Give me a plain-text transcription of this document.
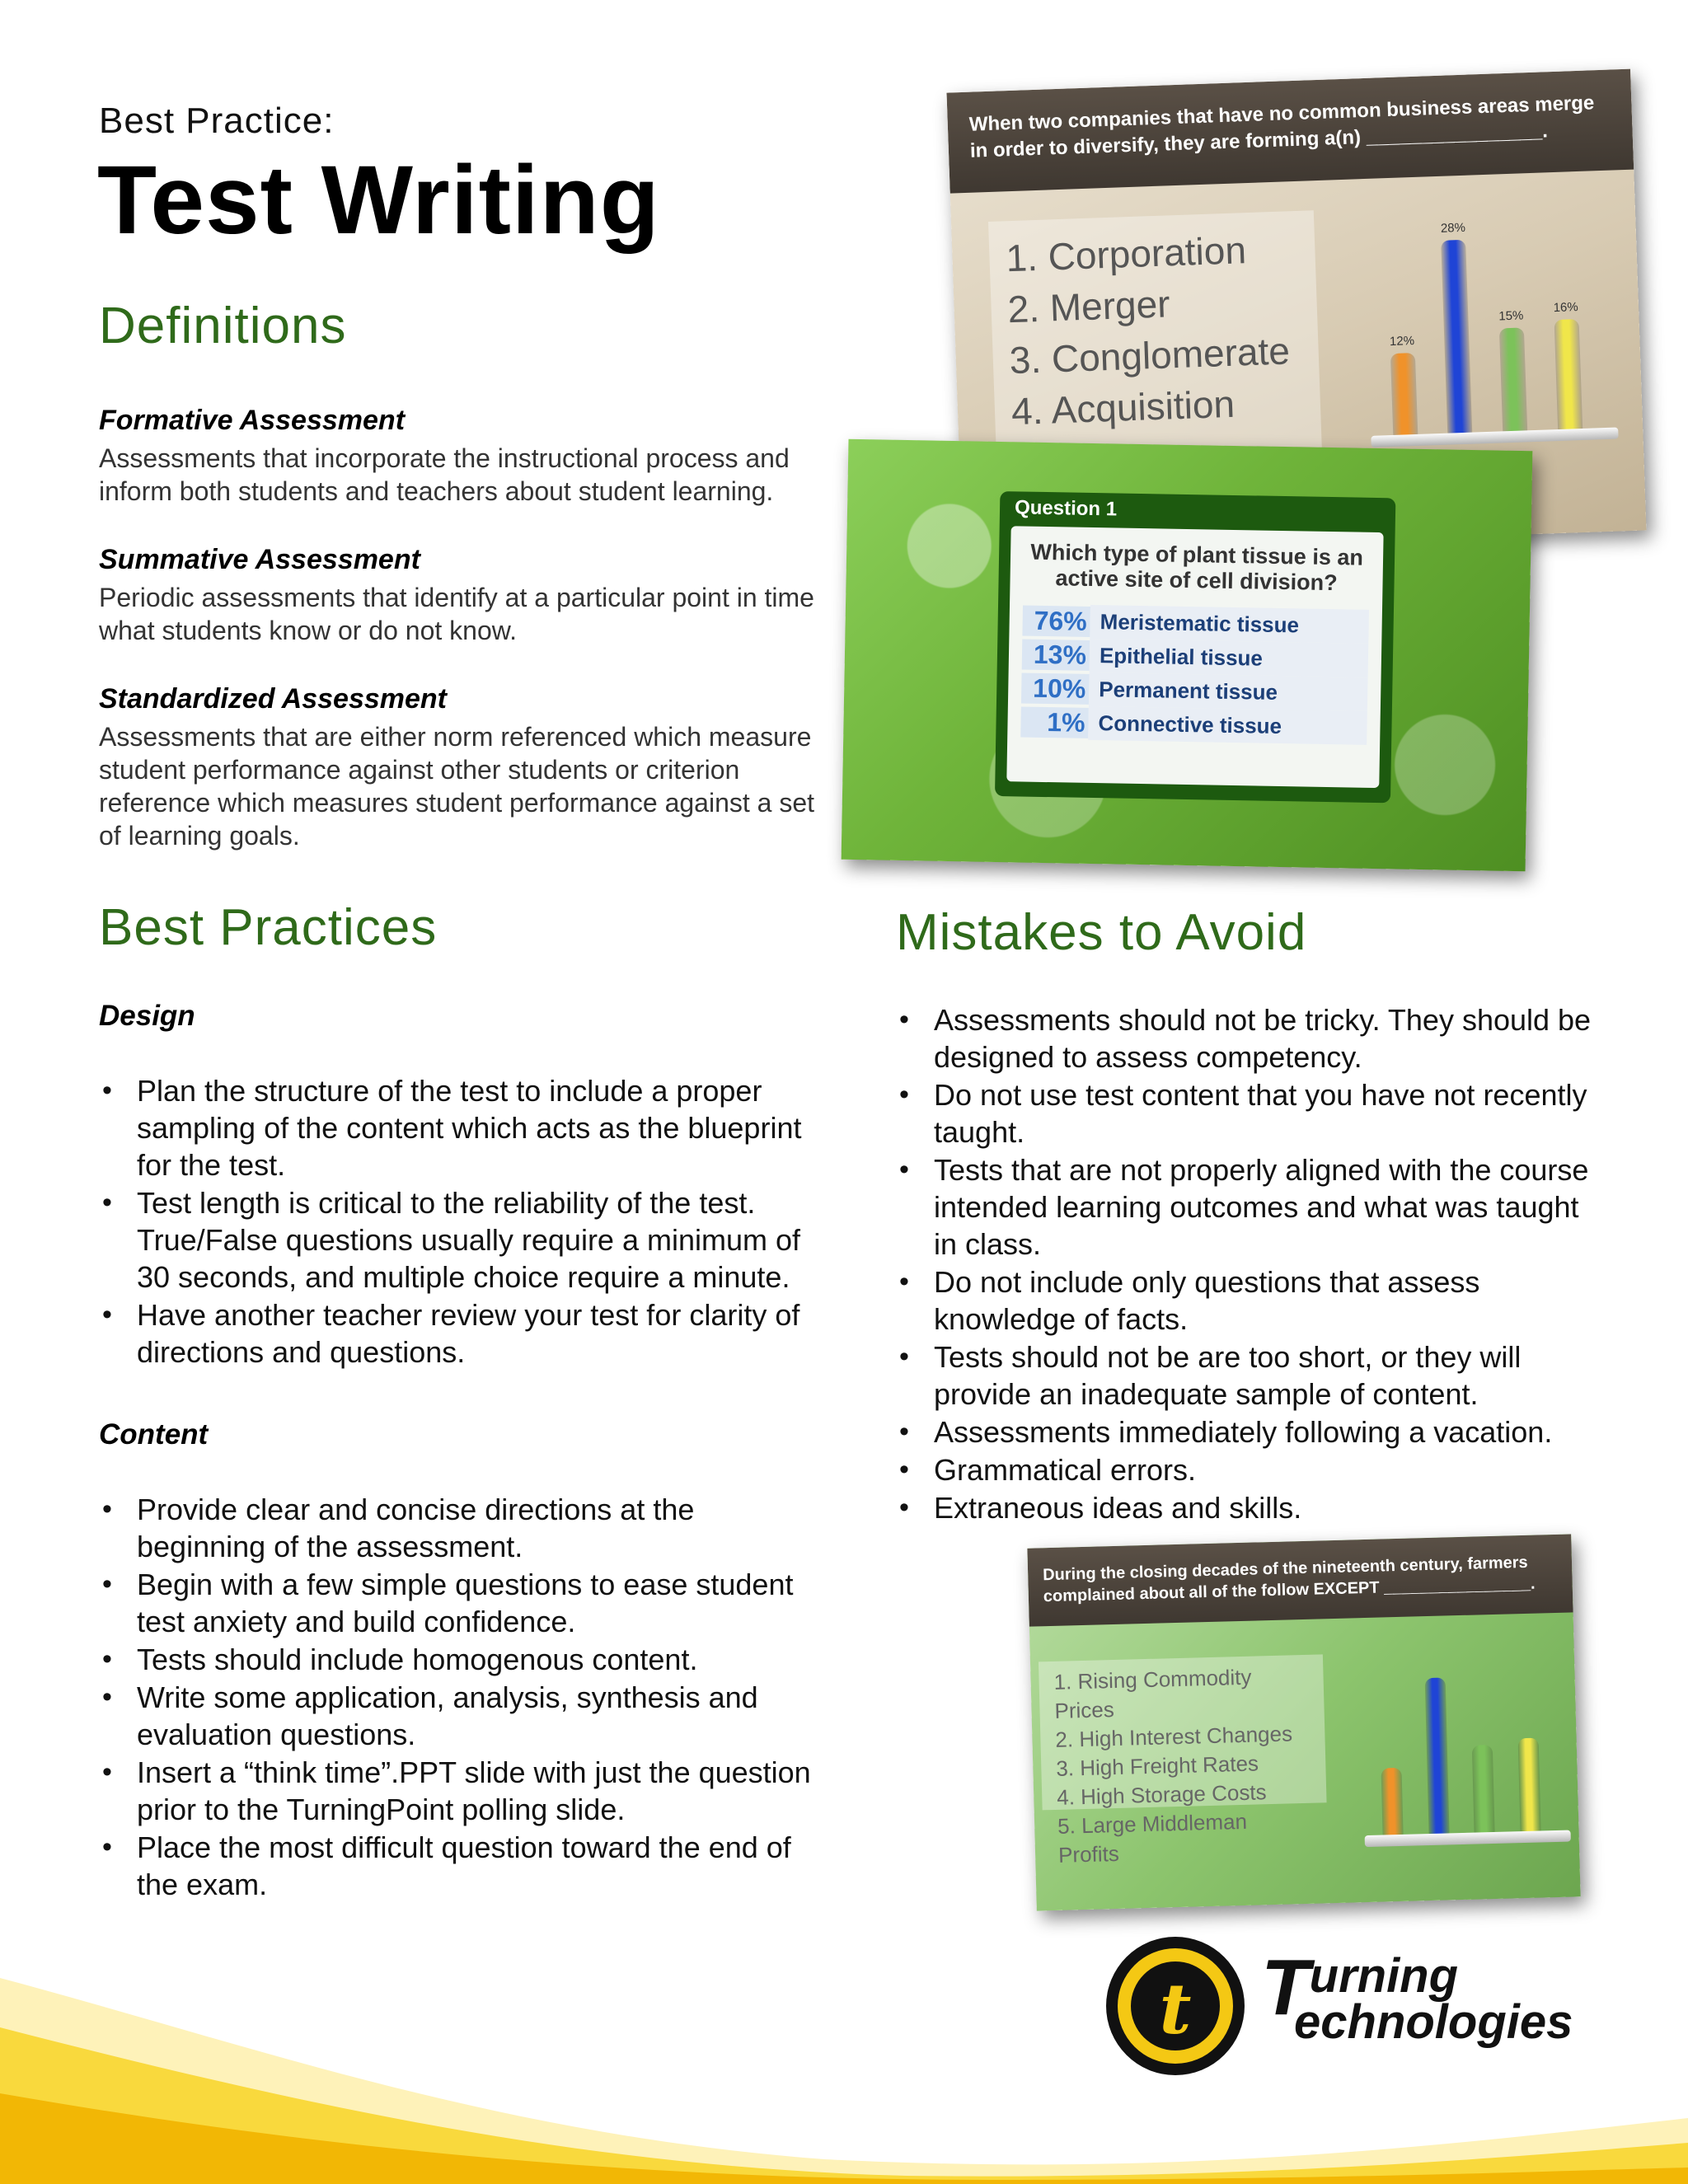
Best Practice:
Test Writing
Definitions
Formative Assessment
Assessments that incorporate the instructional process and inform both students and teachers about student learning.
Summative Assessment
Periodic assessments that identify at a particular point in time what students know or do not know.
Standardized Assessment
Assessments that are either norm referenced which measure student performance against other students or criterion reference which measures student performance against a set of learning goals.
Best Practices
Design
• Plan the structure of the test to include a proper sampling of the content which acts as the blueprint for the test.
• Test length is critical to the reliability of the test. True/False questions usually require a minimum of 30 seconds, and multiple choice require a minute.
• Have another teacher review your test for clarity of directions and questions.
Content
• Provide clear and concise directions at the beginning of the assessment.
• Begin with a few simple questions to ease student test anxiety and build confidence.
• Tests should include homogenous content.
• Write some application, analysis, synthesis and evaluation questions.
• Insert a “think time”.PPT slide with just the question prior to the TurningPoint polling slide.
• Place the most difficult question toward the end of the exam.
Mistakes to Avoid
• Assessments should not be tricky. They should be designed to assess competency.
• Do not use test content that you have not recently taught.
• Tests that are not properly aligned with the course intended learning outcomes and what was taught in class.
• Do not include only questions that assess knowledge of facts.
• Tests should not be are too short, or they will provide an inadequate sample of content.
• Assessments immediately following a vacation.
• Grammatical errors.
• Extraneous ideas and skills.
When two companies that have no common business areas merge in order to diversify, they are forming a(n) ________________.
1. Corporation
2. Merger
3. Conglomerate
4. Acquisition
12%
28%
15%
16%
Question 1
Which type of plant tissue is an active site of cell division?
76% Meristematic tissue
13% Epithelial tissue
10% Permanent tissue
1% Connective tissue
During the closing decades of the nineteenth century, farmers complained about all of the follow EXCEPT ________________.
1. Rising Commodity Prices
2. High Interest Changes
3. High Freight Rates
4. High Storage Costs
5. Large Middleman Profits
t Turning
echnologies
